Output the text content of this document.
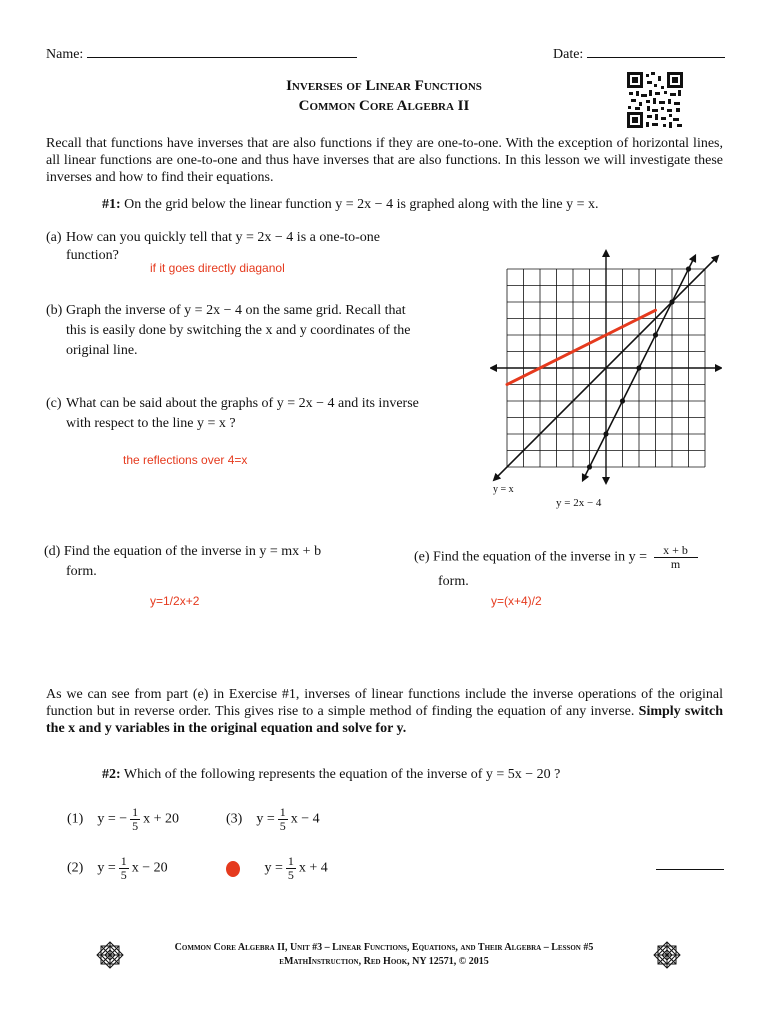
Name:	Date:
Inverses of Linear Functions
Common Core Algebra II
Recall that functions have inverses that are also functions if they are one-to-one. With the exception of horizontal lines, all linear functions are one-to-one and thus have inverses that are also functions. In this lesson we will investigate these inverses and how to find their equations.
#1: On the grid below the linear function y = 2x − 4 is graphed along with the line y = x.
(a) How can you quickly tell that y = 2x − 4 is a one-to-one
function?
if it goes directly diaganol
(b) Graph the inverse of y = 2x − 4 on the same grid. Recall that
this is easily done by switching the x and y coordinates of the
original line.
(c) What can be said about the graphs of y = 2x − 4 and its inverse
with respect to the line y = x ?
the reflections over 4=x
y = x
y = 2x − 4
(d) Find the equation of the inverse in y = mx + b
form.
y=1/2x+2
(e) Find the equation of the inverse in $y = \frac{x + b}{m}$
form.
y=(x+4)/2
As we can see from part (e) in Exercise #1, inverses of linear functions include the inverse operations of the original function but in reverse order. This gives rise to a simple method of finding the equation of any inverse. Simply switch the x and y variables in the original equation and solve for y.
#2: Which of the following represents the equation of the inverse of y = 5x − 20 ?
(1) y = − $\frac{1}{5}$ x + 20	(3) $y = \frac{1}{5}$ x − 4
(2) $y = \frac{1}{5}$ x − 20	$y = \frac{1}{5}$ x + 4
Common Core Algebra II, Unit #3 – Linear Functions, Equations, and Their Algebra – Lesson #5
eMathInstruction, Red Hook, NY 12571, © 2015
